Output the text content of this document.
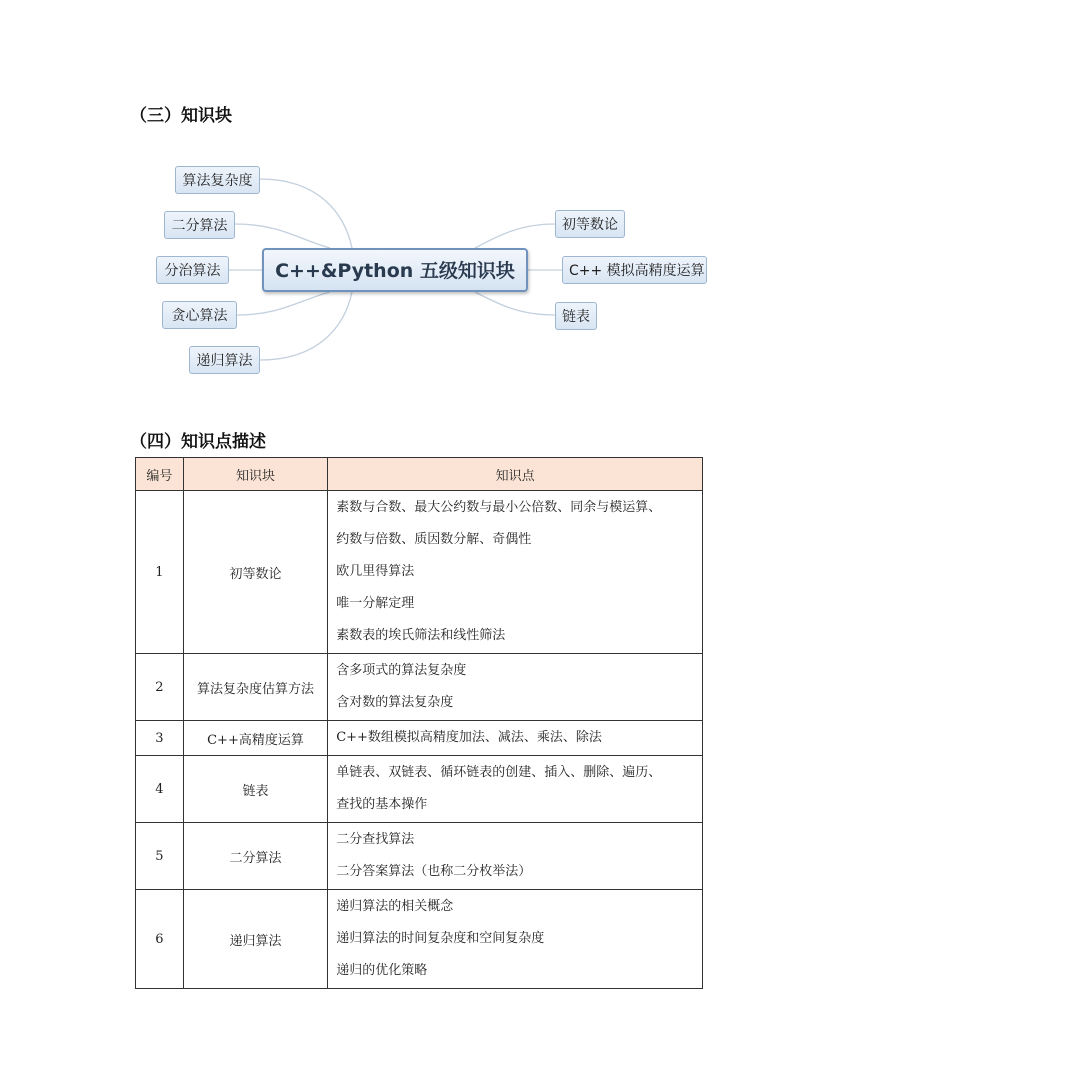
（三）知识块
C++&Python 五级知识块
算法复杂度
二分算法
分治算法
贪心算法
递归算法
初等数论
C++ 模拟高精度运算
链表
（四）知识点描述
编号	知识块	知识点
1	初等数论	素数与合数、最大公约数与最小公倍数、同余与模运算、
约数与倍数、质因数分解、奇偶性
欧几里得算法
唯一分解定理
素数表的埃氏筛法和线性筛法

2	算法复杂度估算方法	含多项式的算法复杂度
含对数的算法复杂度

3	C++高精度运算	C++数组模拟高精度加法、减法、乘法、除法

4	链表	单链表、双链表、循环链表的创建、插入、删除、遍历、
查找的基本操作

5	二分算法	二分查找算法
二分答案算法（也称二分枚举法）

6	递归算法	递归算法的相关概念
递归算法的时间复杂度和空间复杂度
递归的优化策略
